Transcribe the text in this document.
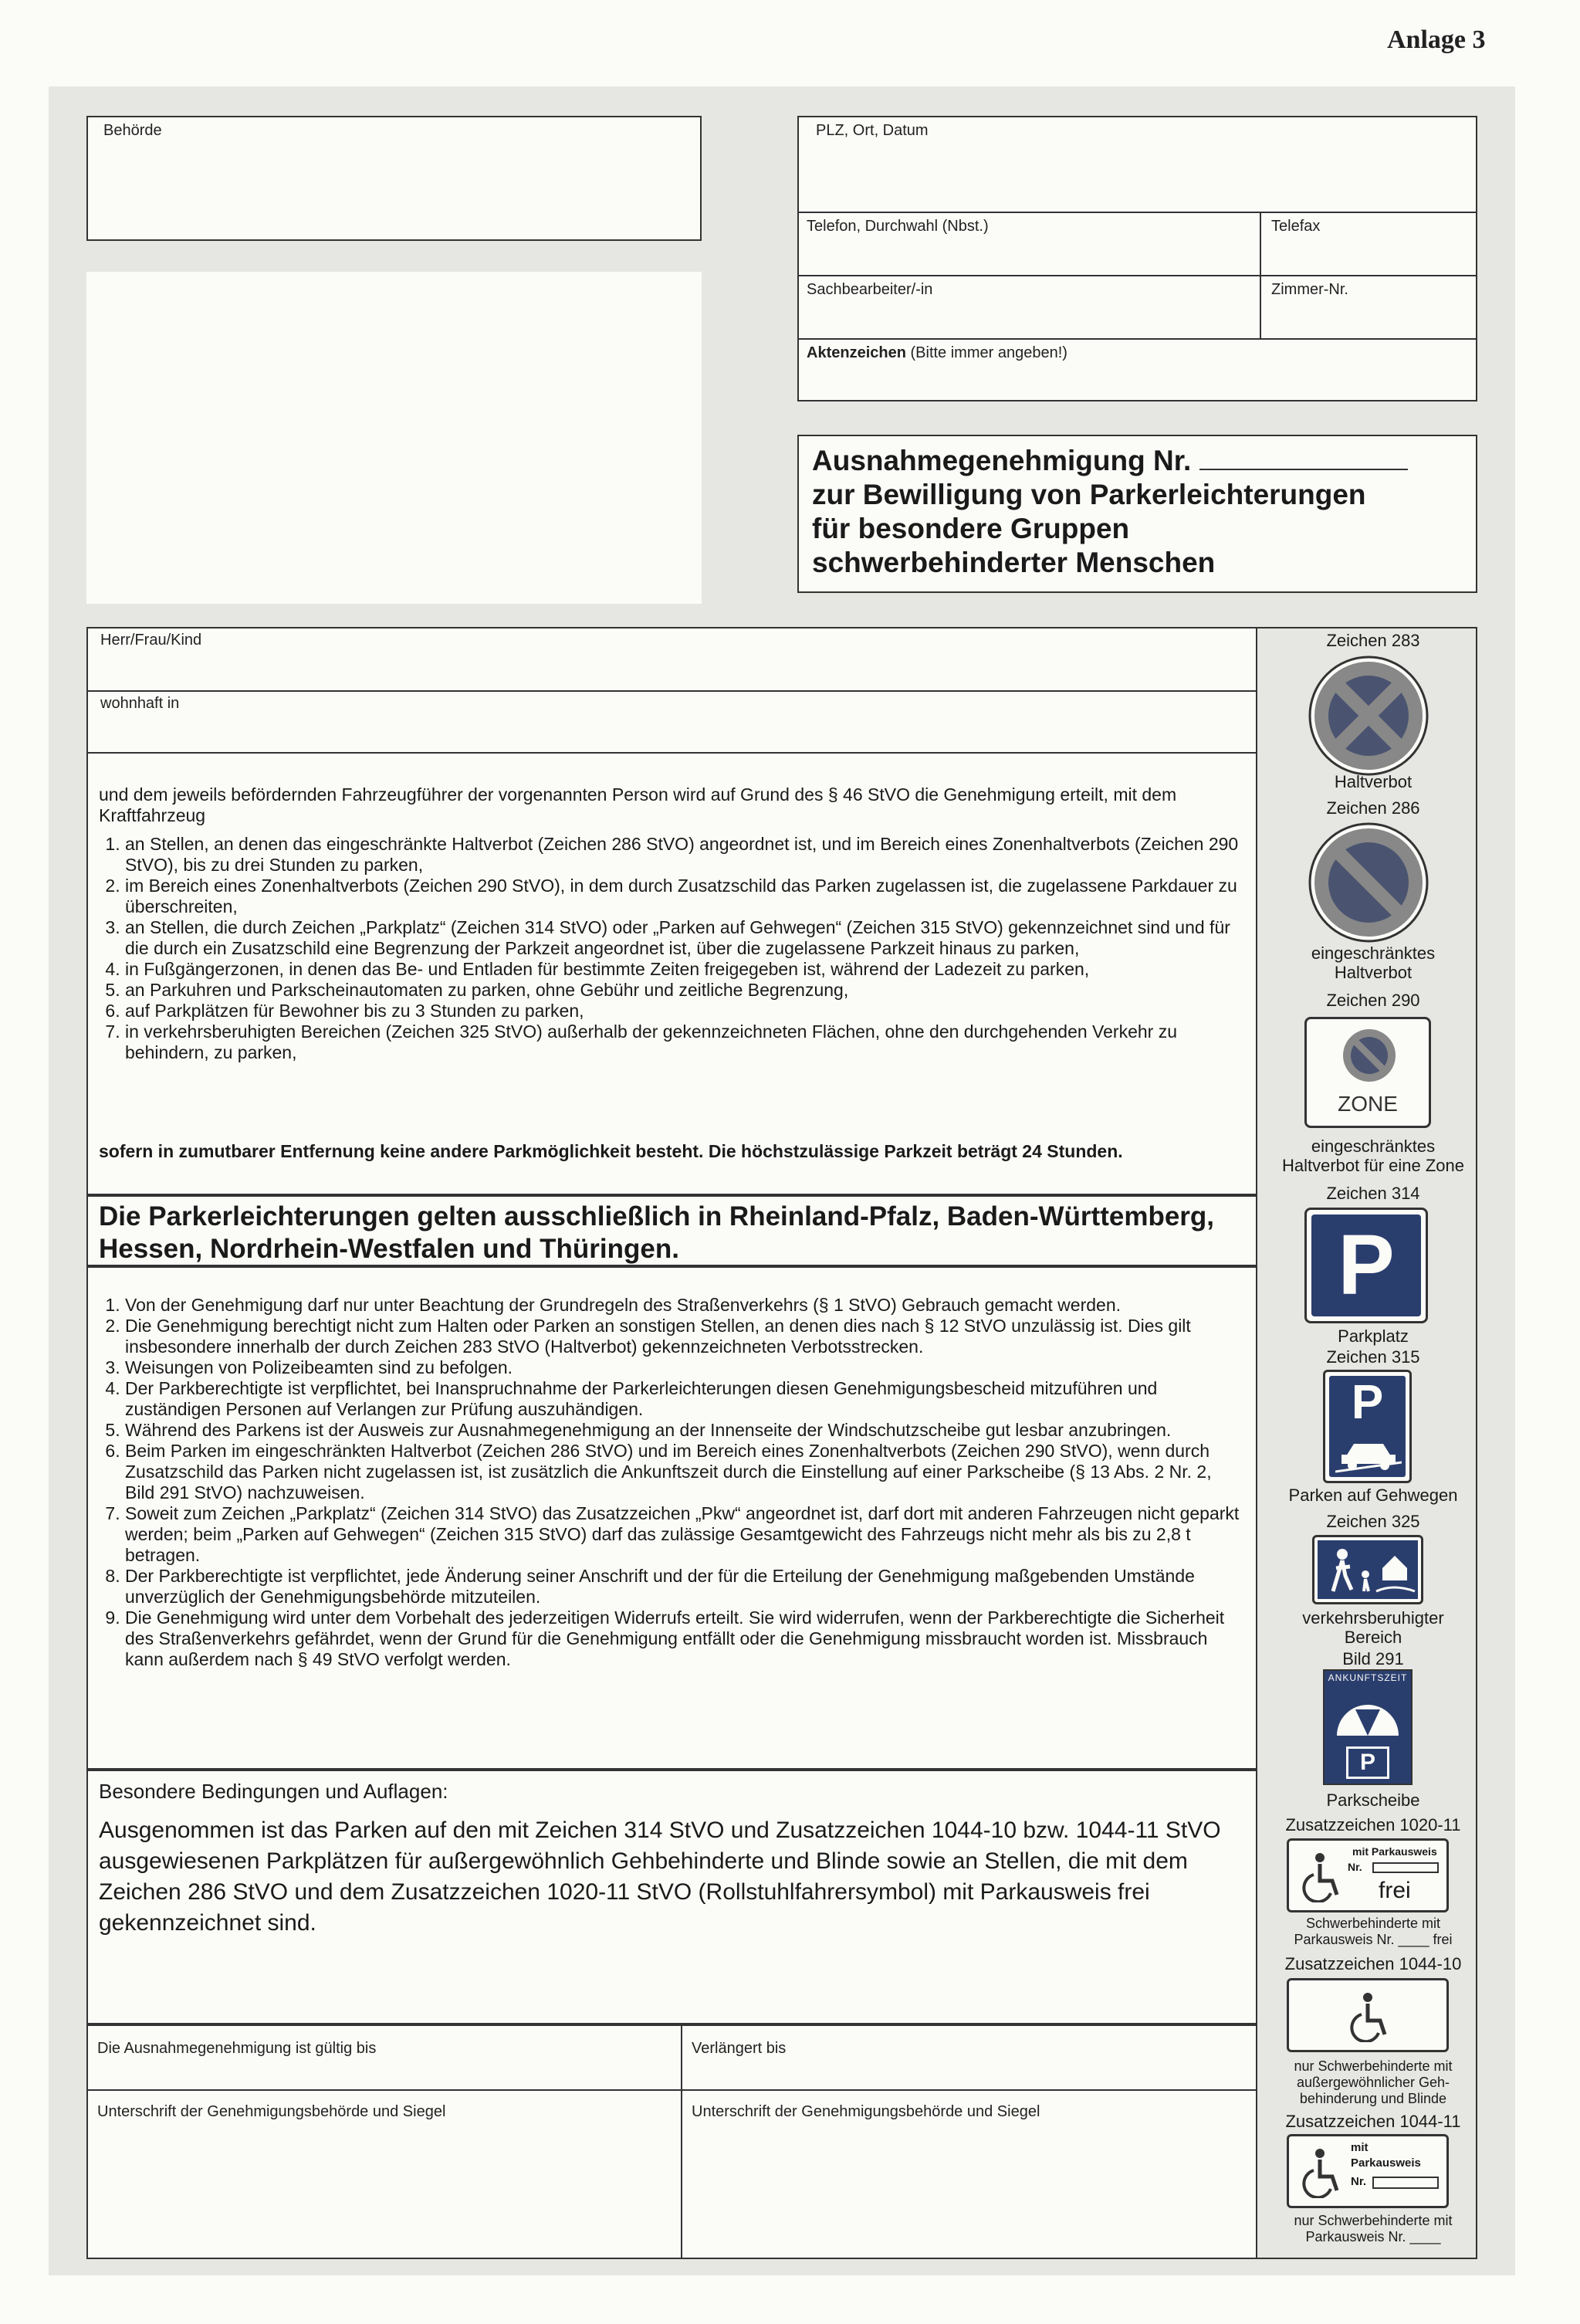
Anlage 3
Behörde	PLZ, Ort, Datum
Telefon, Durchwahl (Nbst.)	Telefax
Sachbearbeiter/-in	Zimmer-Nr.
Aktenzeichen (Bitte immer angeben!)
Ausnahmegenehmigung Nr.
zur Bewilligung von Parkerleichterungen
für besondere Gruppen
schwerbehinderter Menschen
Herr/Frau/Kind
wohnhaft in
und dem jeweils befördernden Fahrzeugführer der vorgenannten Person wird auf Grund des § 46 StVO die Genehmigung erteilt, mit dem Kraftfahrzeug
1. an Stellen, an denen das eingeschränkte Haltverbot (Zeichen 286 StVO) angeordnet ist, und im Bereich eines Zonenhaltverbots (Zeichen 290 StVO), bis zu drei Stunden zu parken,
2. im Bereich eines Zonenhaltverbots (Zeichen 290 StVO), in dem durch Zusatzschild das Parken zugelassen ist, die zugelassene Parkdauer zu überschreiten,
3. an Stellen, die durch Zeichen „Parkplatz“ (Zeichen 314 StVO) oder „Parken auf Gehwegen“ (Zeichen 315 StVO) gekennzeichnet sind und für die durch ein Zusatzschild eine Begrenzung der Parkzeit angeordnet ist, über die zugelassene Parkzeit hinaus zu parken,
4. in Fußgängerzonen, in denen das Be- und Entladen für bestimmte Zeiten freigegeben ist, während der Ladezeit zu parken,
5. an Parkuhren und Parkscheinautomaten zu parken, ohne Gebühr und zeitliche Begrenzung,
6. auf Parkplätzen für Bewohner bis zu 3 Stunden zu parken,
7. in verkehrsberuhigten Bereichen (Zeichen 325 StVO) außerhalb der gekennzeichneten Flächen, ohne den durchgehenden Verkehr zu behindern, zu parken,
sofern in zumutbarer Entfernung keine andere Parkmöglichkeit besteht. Die höchstzulässige Parkzeit beträgt 24 Stunden.
Die Parkerleichterungen gelten ausschließlich in Rheinland-Pfalz, Baden-Württemberg, Hessen, Nordrhein-Westfalen und Thüringen.
1. Von der Genehmigung darf nur unter Beachtung der Grundregeln des Straßenverkehrs (§ 1 StVO) Gebrauch gemacht werden.
2. Die Genehmigung berechtigt nicht zum Halten oder Parken an sonstigen Stellen, an denen dies nach § 12 StVO unzulässig ist. Dies gilt insbesondere innerhalb der durch Zeichen 283 StVO (Haltverbot) gekennzeichneten Verbotsstrecken.
3. Weisungen von Polizeibeamten sind zu befolgen.
4. Der Parkberechtigte ist verpflichtet, bei Inanspruchnahme der Parkerleichterungen diesen Genehmigungsbescheid mitzuführen und zuständigen Personen auf Verlangen zur Prüfung auszuhändigen.
5. Während des Parkens ist der Ausweis zur Ausnahmegenehmigung an der Innenseite der Windschutzscheibe gut lesbar anzubringen.
6. Beim Parken im eingeschränkten Haltverbot (Zeichen 286 StVO) und im Bereich eines Zonenhaltverbots (Zeichen 290 StVO), wenn durch Zusatzschild das Parken nicht zugelassen ist, ist zusätzlich die Ankunftszeit durch die Einstellung auf einer Parkscheibe (§ 13 Abs. 2 Nr. 2, Bild 291 StVO) nachzuweisen.
7. Soweit zum Zeichen „Parkplatz“ (Zeichen 314 StVO) das Zusatzzeichen „Pkw“ angeordnet ist, darf dort mit anderen Fahrzeugen nicht geparkt werden; beim „Parken auf Gehwegen“ (Zeichen 315 StVO) darf das zulässige Gesamtgewicht des Fahrzeugs nicht mehr als bis zu 2,8 t betragen.
8. Der Parkberechtigte ist verpflichtet, jede Änderung seiner Anschrift und der für die Erteilung der Genehmigung maßgebenden Umstände unverzüglich der Genehmigungsbehörde mitzuteilen.
9. Die Genehmigung wird unter dem Vorbehalt des jederzeitigen Widerrufs erteilt. Sie wird widerrufen, wenn der Parkberechtigte die Sicherheit des Straßenverkehrs gefährdet, wenn der Grund für die Genehmigung entfällt oder die Genehmigung missbraucht worden ist. Missbrauch kann außerdem nach § 49 StVO verfolgt werden.
Besondere Bedingungen und Auflagen:
Ausgenommen ist das Parken auf den mit Zeichen 314 StVO und Zusatzzeichen 1044-10 bzw. 1044-11 StVO ausgewiesenen Parkplätzen für außergewöhnlich Gehbehinderte und Blinde sowie an Stellen, die mit dem Zeichen 286 StVO und dem Zusatzzeichen 1020-11 StVO (Rollstuhlfahrersymbol) mit Parkausweis frei gekennzeichnet sind.
Die Ausnahmegenehmigung ist gültig bis	Verlängert bis
Unterschrift der Genehmigungsbehörde und Siegel	Unterschrift der Genehmigungsbehörde und Siegel
Zeichen 283
Haltverbot
Zeichen 286
eingeschränktes
Haltverbot
Zeichen 290
ZONE
eingeschränktes
Haltverbot für eine Zone
Zeichen 314
P
Parkplatz
Zeichen 315
P
Parken auf Gehwegen
Zeichen 325
verkehrsberuhigter
Bereich
Bild 291
ANKUNFTSZEIT
P
Parkscheibe
Zusatzzeichen 1020-11
mit Parkausweis
Nr.
frei
Schwerbehinderte mit
Parkausweis Nr. ____ frei
Zusatzzeichen 1044-10
nur Schwerbehinderte mit
außergewöhnlicher Geh-
behinderung und Blinde
Zusatzzeichen 1044-11
mit
Parkausweis
Nr.
nur Schwerbehinderte mit
Parkausweis Nr. ____
